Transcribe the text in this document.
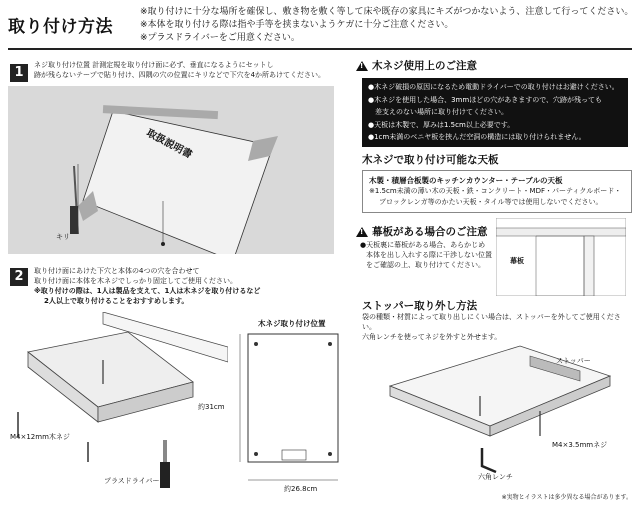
取り付け方法
※取り付けに十分な場所を確保し、敷き物を敷く等して床や既存の家具にキズがつかないよう、注意して行ってください。
※本体を取り付ける際は指や手等を挟まないようケガに十分ご注意ください。
※プラスドライバーをご用意ください。
1	ネジ取り付け位置 計測定規を取り付け面に必ず、垂直になるようにセットし
跡が残らないテープで貼り付け、四隅の穴の位置にキリなどで下穴を4か所あけてください。
取扱説明書
キリ
2	取り付け面にあけた下穴と本体の4つの穴を合わせて
取り付け面に本体を木ネジでしっかり固定してご使用ください。
※取り付けの際は、1人は製品を支えて、1人は木ネジを取り付けるなど
2人以上で取り付けることをおすすめします。
M4×12mm木ネジ
プラスドライバー
木ネジ取り付け位置
約31cm
約26.8cm
! 木ネジ使用上のご注意
●木ネジ破損の原因になるため電動ドライバーでの取り付けはお避けください。
●木ネジを使用した場合、3mmほどの穴があきますので、穴跡が残っても
　差支えのない場所に取り付けてください。
●天板は木製で、厚みは1.5cm以上必要です。
●1cm未満のベニヤ板を挟んだ空洞の構造には取り付けられません。
木ネジで取り付け可能な天板
木製・積層合板製のキッチンカウンター・テーブルの天板
※1.5cm未満の薄い木の天板・鉄・コンクリート・MDF・パーティクルボード・
ブロックレンガ等のかたい天板・タイル等では使用しないでください。
! 幕板がある場合のご注意
●天板裏に幕板がある場合、あらかじめ
本体を出し入れする際に干渉しない位置
をご確認の上、取り付けてください。	幕板
ストッパー取り外し方法
袋の種類・材質によって取り出しにくい場合は、ストッパーを外してご使用ください。
六角レンチを使ってネジを外すと外せます。
ストッパー
M4×3.5mmネジ
六角レンチ
※実物とイラストは多少異なる場合があります。
